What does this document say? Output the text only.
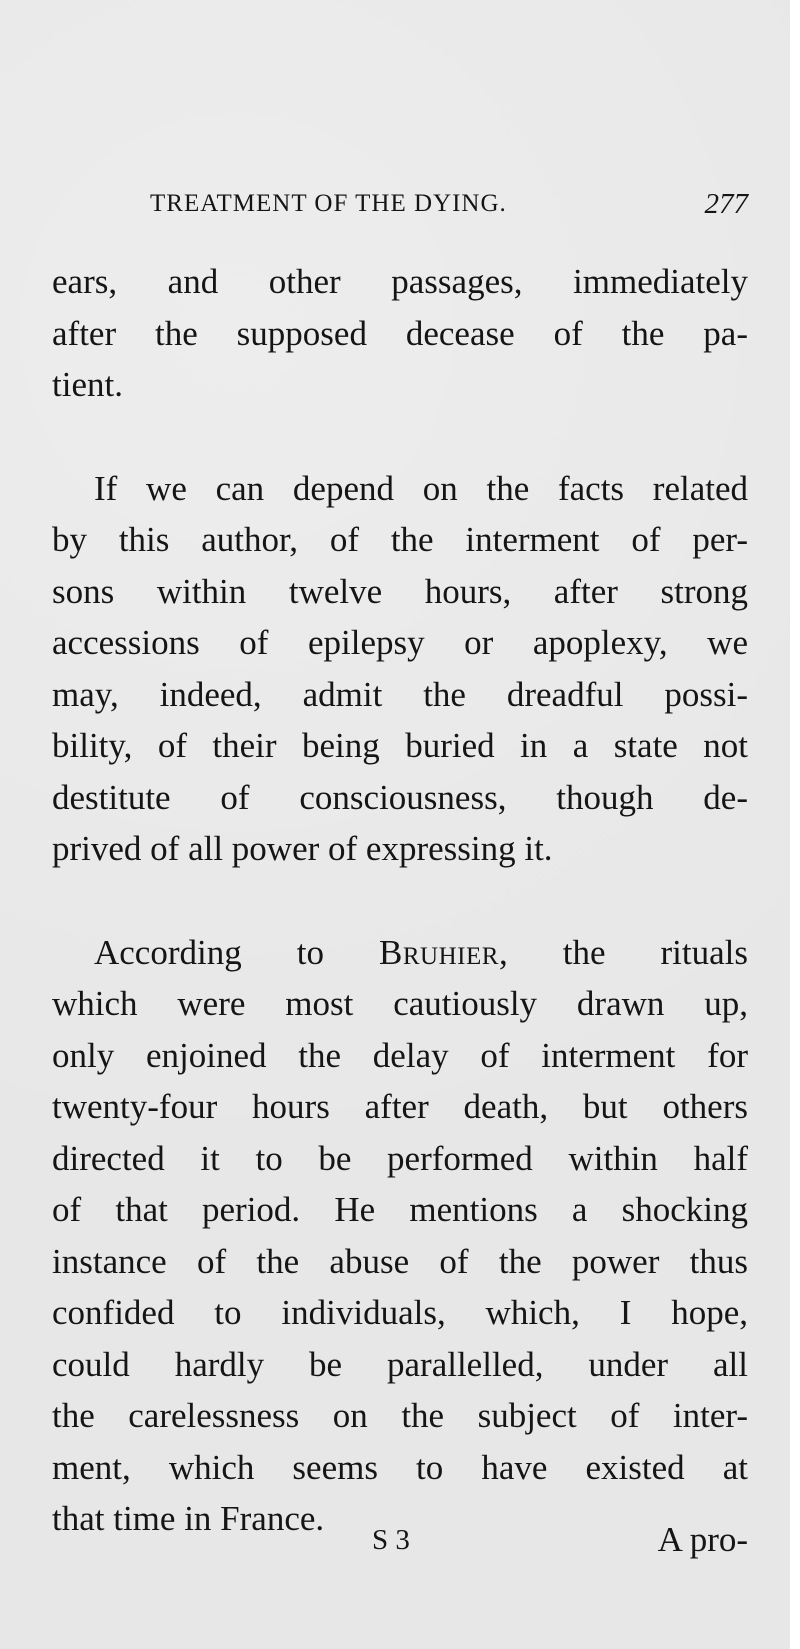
TREATMENT OF THE DYING.	277
ears, and other passages, immediately
after the supposed decease of the pa-
tient.
If we can depend on the facts related
by this author, of the interment of per-
sons within twelve hours, after strong
accessions of epilepsy or apoplexy, we
may, indeed, admit the dreadful possi-
bility, of their being buried in a state not
destitute of consciousness, though de-
prived of all power of expressing it.
According to Bruhier, the rituals
which were most cautiously drawn up,
only enjoined the delay of interment for
twenty-four hours after death, but others
directed it to be performed within half
of that period. He mentions a shocking
instance of the abuse of the power thus
confided to individuals, which, I hope,
could hardly be parallelled, under all
the carelessness on the subject of inter-
ment, which seems to have existed at
that time in France.
S 3	A pro-
